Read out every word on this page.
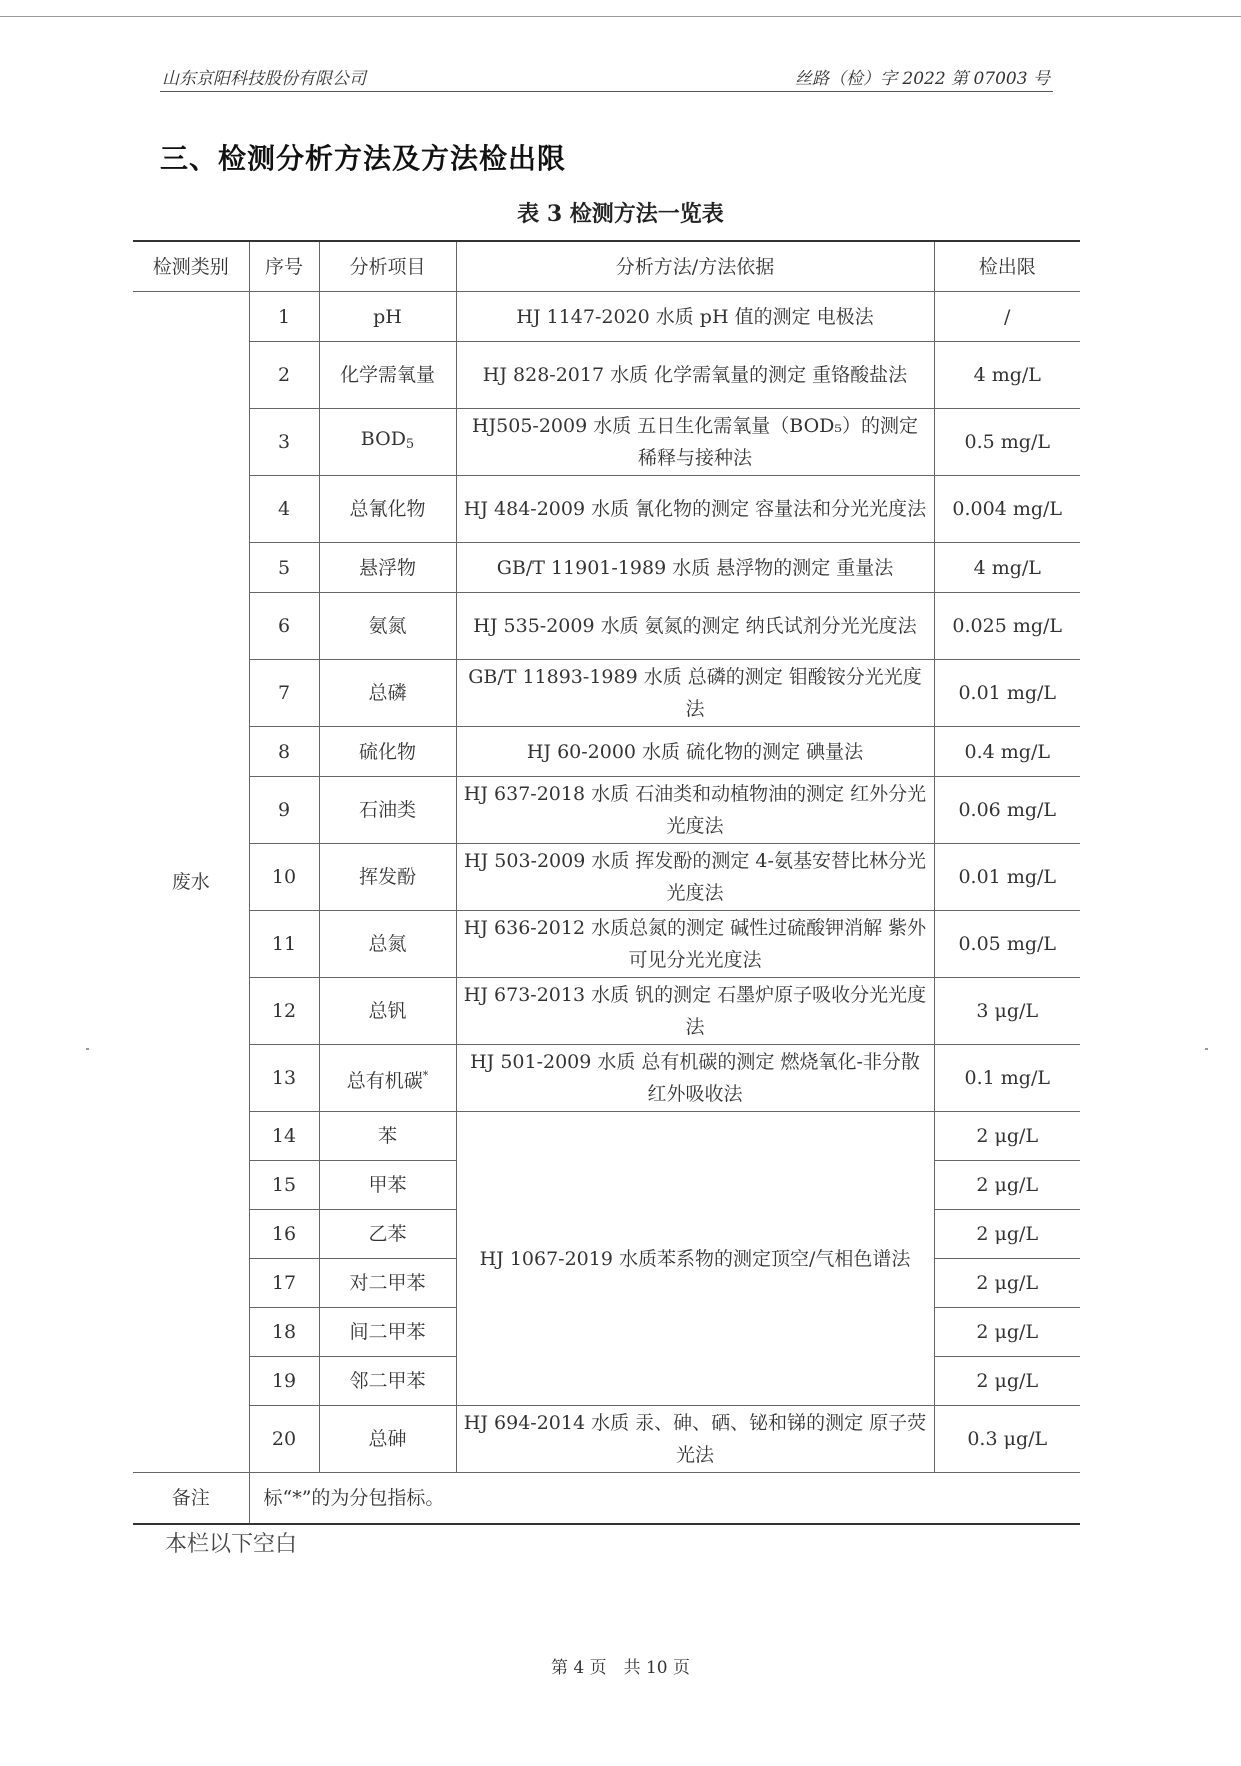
山东京阳科技股份有限公司	丝路（检）字 2022 第 07003 号
三、检测分析方法及方法检出限
表 3 检测方法一览表
检测类别	序号	分析项目	分析方法/方法依据	检出限
废水	1	pH	HJ 1147-2020 水质 pH 值的测定 电极法	/
	2	化学需氧量	HJ 828-2017 水质 化学需氧量的测定 重铬酸盐法	4 mg/L
	3	$BOD_5$	HJ505-2009 水质 五日生化需氧量（BOD₅）的测定 稀释与接种法	0.5 mg/L
	4	总氰化物	HJ 484-2009 水质 氰化物的测定 容量法和分光光度法	0.004 mg/L
	5	悬浮物	GB/T 11901-1989 水质 悬浮物的测定 重量法	4 mg/L
	6	氨氮	HJ 535-2009 水质 氨氮的测定 纳氏试剂分光光度法	0.025 mg/L
	7	总磷	GB/T 11893-1989 水质 总磷的测定 钼酸铵分光光度法	0.01 mg/L
	8	硫化物	HJ 60-2000 水质 硫化物的测定 碘量法	0.4 mg/L
	9	石油类	HJ 637-2018 水质 石油类和动植物油的测定 红外分光光度法	0.06 mg/L
	10	挥发酚	HJ 503-2009 水质 挥发酚的测定 4-氨基安替比林分光光度法	0.01 mg/L
	11	总氮	HJ 636-2012 水质总氮的测定 碱性过硫酸钾消解 紫外可见分光光度法	0.05 mg/L
	12	总钒	HJ 673-2013 水质 钒的测定 石墨炉原子吸收分光光度法	3 μg/L
	13	总有机碳*	HJ 501-2009 水质 总有机碳的测定 燃烧氧化-非分散红外吸收法	0.1 mg/L
	14	苯	HJ 1067-2019 水质苯系物的测定顶空/气相色谱法	2 μg/L
	15	甲苯		2 μg/L
	16	乙苯		2 μg/L
	17	对二甲苯		2 μg/L
	18	间二甲苯		2 μg/L
	19	邻二甲苯		2 μg/L
	20	总砷	HJ 694-2014 水质 汞、砷、硒、铋和锑的测定 原子荧光法	0.3 μg/L
备注	标“*”的为分包指标。			
本栏以下空白
第 4 页　共 10 页
